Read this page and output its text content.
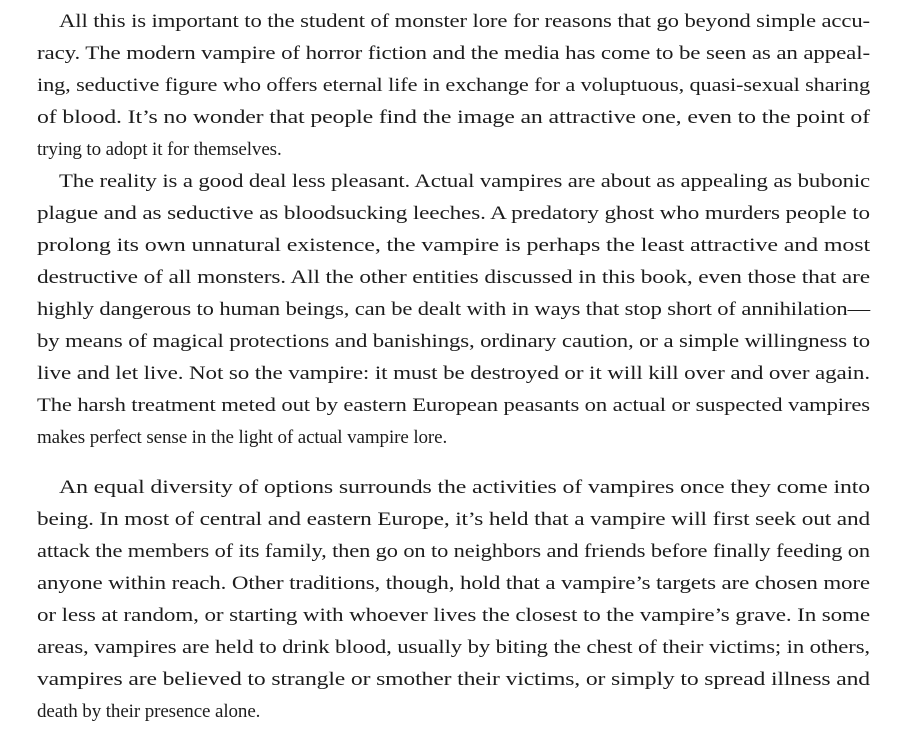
All this is important to the student of monster lore for reasons that go beyond simple accu-
racy. The modern vampire of horror fiction and the media has come to be seen as an appeal-
ing, seductive figure who offers eternal life in exchange for a voluptuous, quasi-sexual sharing
of blood. It’s no wonder that people find the image an attractive one, even to the point of
trying to adopt it for themselves.
The reality is a good deal less pleasant. Actual vampires are about as appealing as bubonic
plague and as seductive as bloodsucking leeches. A predatory ghost who murders people to
prolong its own unnatural existence, the vampire is perhaps the least attractive and most
destructive of all monsters. All the other entities discussed in this book, even those that are
highly dangerous to human beings, can be dealt with in ways that stop short of annihilation—
by means of magical protections and banishings, ordinary caution, or a simple willingness to
live and let live. Not so the vampire: it must be destroyed or it will kill over and over again.
The harsh treatment meted out by eastern European peasants on actual or suspected vampires
makes perfect sense in the light of actual vampire lore.
An equal diversity of options surrounds the activities of vampires once they come into
being. In most of central and eastern Europe, it’s held that a vampire will first seek out and
attack the members of its family, then go on to neighbors and friends before finally feeding on
anyone within reach. Other traditions, though, hold that a vampire’s targets are chosen more
or less at random, or starting with whoever lives the closest to the vampire’s grave. In some
areas, vampires are held to drink blood, usually by biting the chest of their victims; in others,
vampires are believed to strangle or smother their victims, or simply to spread illness and
death by their presence alone.
